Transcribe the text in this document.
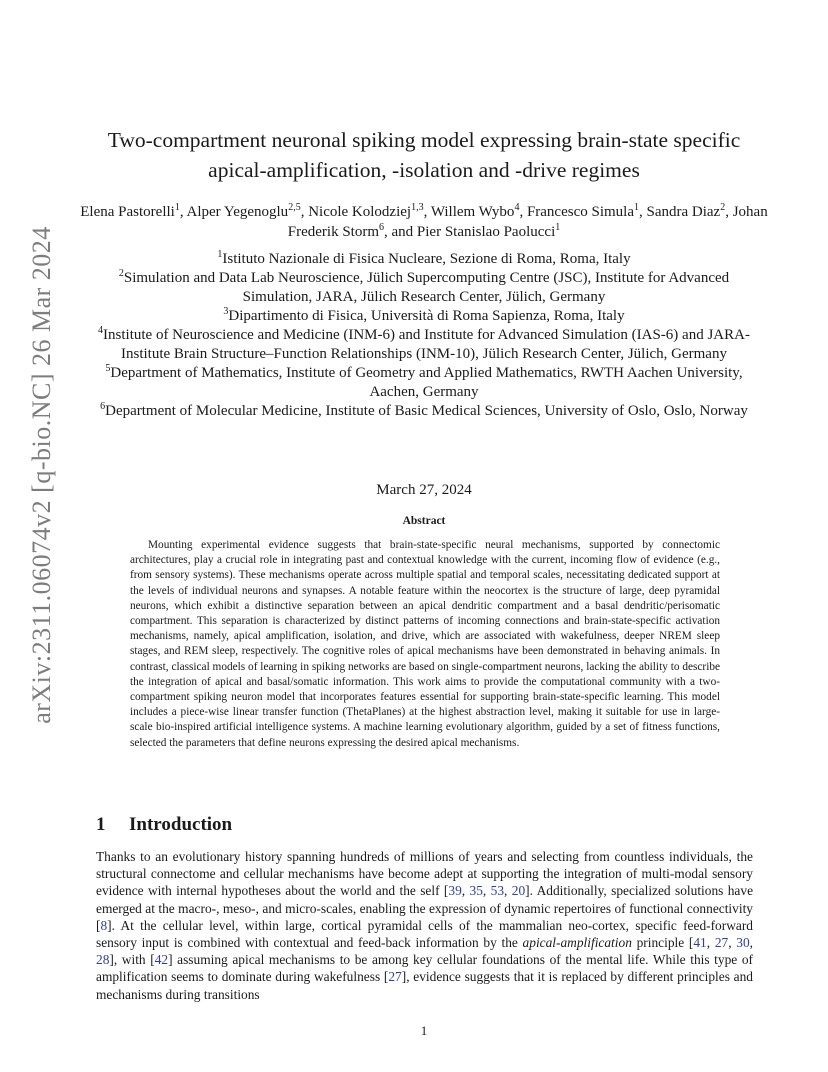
arXiv:2311.06074v2 [q-bio.NC] 26 Mar 2024
Two-compartment neuronal spiking model expressing brain-state specific apical-amplification, -isolation and -drive regimes
Elena Pastorelli$^1$, Alper Yegenoglu$^{2,5}$, Nicole Kolodziej$^{1,3}$, Willem Wybo$^4$, Francesco Simula$^1$, Sandra Diaz$^2$, Johan Frederik Storm$^6$, and Pier Stanislao Paolucci$^1$
$^1$Istituto Nazionale di Fisica Nucleare, Sezione di Roma, Roma, Italy
$^2$Simulation and Data Lab Neuroscience, Jülich Supercomputing Centre (JSC), Institute for Advanced Simulation, JARA, Jülich Research Center, Jülich, Germany
$^3$Dipartimento di Fisica, Università di Roma Sapienza, Roma, Italy
$^4$Institute of Neuroscience and Medicine (INM-6) and Institute for Advanced Simulation (IAS-6) and JARA-Institute Brain Structure–Function Relationships (INM-10), Jülich Research Center, Jülich, Germany
$^5$Department of Mathematics, Institute of Geometry and Applied Mathematics, RWTH Aachen University, Aachen, Germany
$^6$Department of Molecular Medicine, Institute of Basic Medical Sciences, University of Oslo, Oslo, Norway
March 27, 2024
Abstract

Mounting experimental evidence suggests that brain-state-specific neural mechanisms, supported by connectomic architectures, play a crucial role in integrating past and contextual knowledge with the current, incoming flow of evidence (e.g., from sensory systems). These mechanisms operate across multiple spatial and temporal scales, necessitating dedicated support at the levels of individual neurons and synapses. A notable feature within the neocortex is the structure of large, deep pyramidal neurons, which exhibit a distinctive separation between an apical dendritic compartment and a basal dendritic/perisomatic compartment. This separation is characterized by distinct patterns of incoming connections and brain-state-specific activation mechanisms, namely, apical amplification, isolation, and drive, which are associated with wakefulness, deeper NREM sleep stages, and REM sleep, respectively. The cognitive roles of apical mechanisms have been demonstrated in behaving animals. In contrast, classical models of learning in spiking networks are based on single-compartment neurons, lacking the ability to describe the integration of apical and basal/somatic information. This work aims to provide the computational community with a two-compartment spiking neuron model that incorporates features essential for supporting brain-state-specific learning. This model includes a piece-wise linear transfer function (ThetaPlanes) at the highest abstraction level, making it suitable for use in large-scale bio-inspired artificial intelligence systems. A machine learning evolutionary algorithm, guided by a set of fitness functions, selected the parameters that define neurons expressing the desired apical mechanisms.

1 Introduction

Thanks to an evolutionary history spanning hundreds of millions of years and selecting from countless individuals, the structural connectome and cellular mechanisms have become adept at supporting the integration of multi-modal sensory evidence with internal hypotheses about the world and the self [39, 35, 53, 20]. Additionally, specialized solutions have emerged at the macro-, meso-, and micro-scales, enabling the expression of dynamic repertoires of functional connectivity [8]. At the cellular level, within large, cortical pyramidal cells of the mammalian neo-cortex, specific feed-forward sensory input is combined with contextual and feed-back information by the apical-amplification principle [41, 27, 30, 28], with [42] assuming apical mechanisms to be among key cellular foundations of the mental life. While this type of amplification seems to dominate during wakefulness [27], evidence suggests that it is replaced by different principles and mechanisms during transitions

1
